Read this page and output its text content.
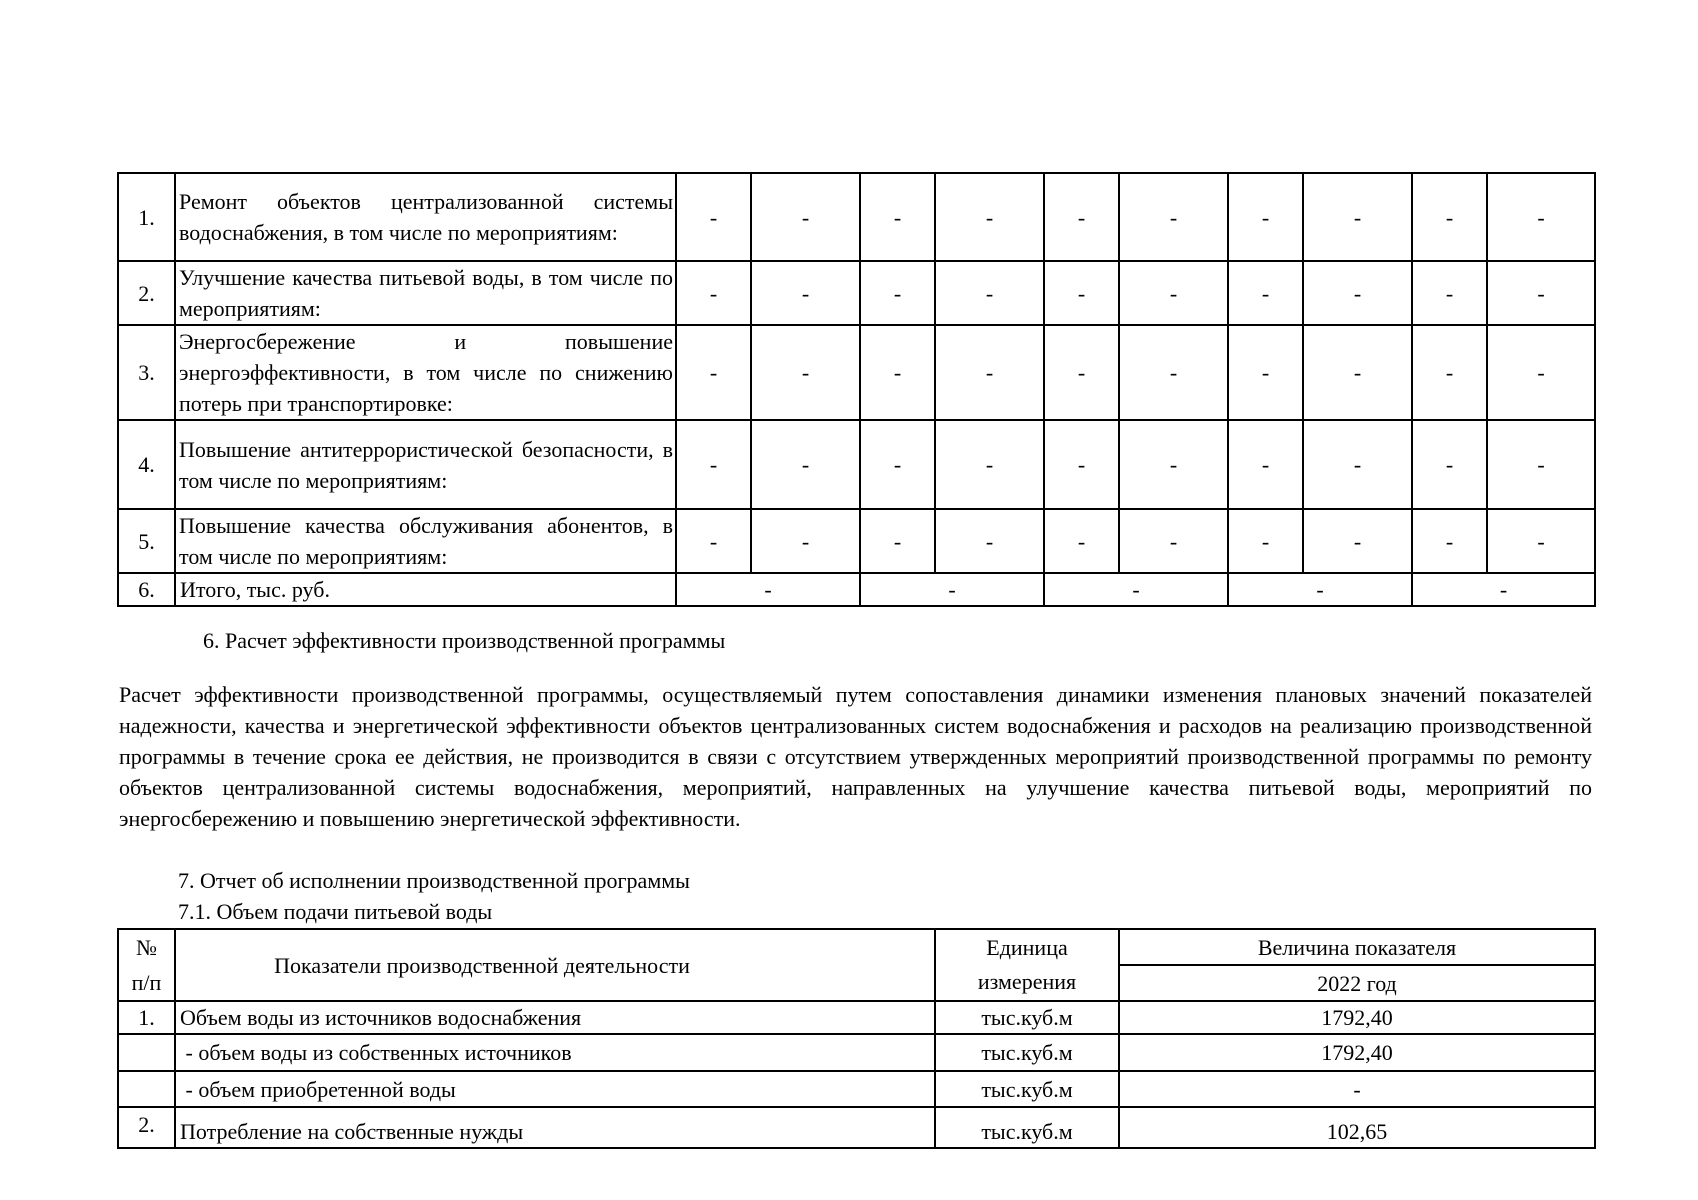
1.	Ремонт объектов централизованной системы водоснабжения, в том числе по мероприятиям:	-	-	-	-	-	-	-	-	-	-
2.	Улучшение качества питьевой воды, в том числе по мероприятиям:	-	-	-	-	-	-	-	-	-	-
3.	Энергосбережение и повышение энергоэффективности, в том числе по снижению потерь при транспортировке:	-	-	-	-	-	-	-	-	-	-
4.	Повышение антитеррористической безопасности, в том числе по мероприятиям:	-	-	-	-	-	-	-	-	-	-
5.	Повышение качества обслуживания абонентов, в том числе по мероприятиям:	-	-	-	-	-	-	-	-	-	-
6.	Итого, тыс. руб.	-		-		-		-		-	
6. Расчет эффективности производственной программы

Расчет эффективности производственной программы, осуществляемый путем сопоставления динамики изменения плановых значений показателей надежности, качества и энергетической эффективности объектов централизованных систем водоснабжения и расходов на реализацию производственной программы в течение срока ее действия, не производится в связи с отсутствием утвержденных мероприятий производственной программы по ремонту объектов централизованной системы водоснабжения, мероприятий, направленных на улучшение качества питьевой воды, мероприятий по энергосбережению и повышению энергетической эффективности.

7. Отчет об исполнении производственной программы
7.1. Объем подачи питьевой воды
№ п/п	Показатели производственной деятельности	Единица измерения	Величина показателя
			2022 год
1.	Объем воды из источников водоснабжения	тыс.куб.м	1792,40
	- объем воды из собственных источников	тыс.куб.м	1792,40
	- объем приобретенной воды	тыс.куб.м	-
2.	Потребление на собственные нужды	тыс.куб.м	102,65
